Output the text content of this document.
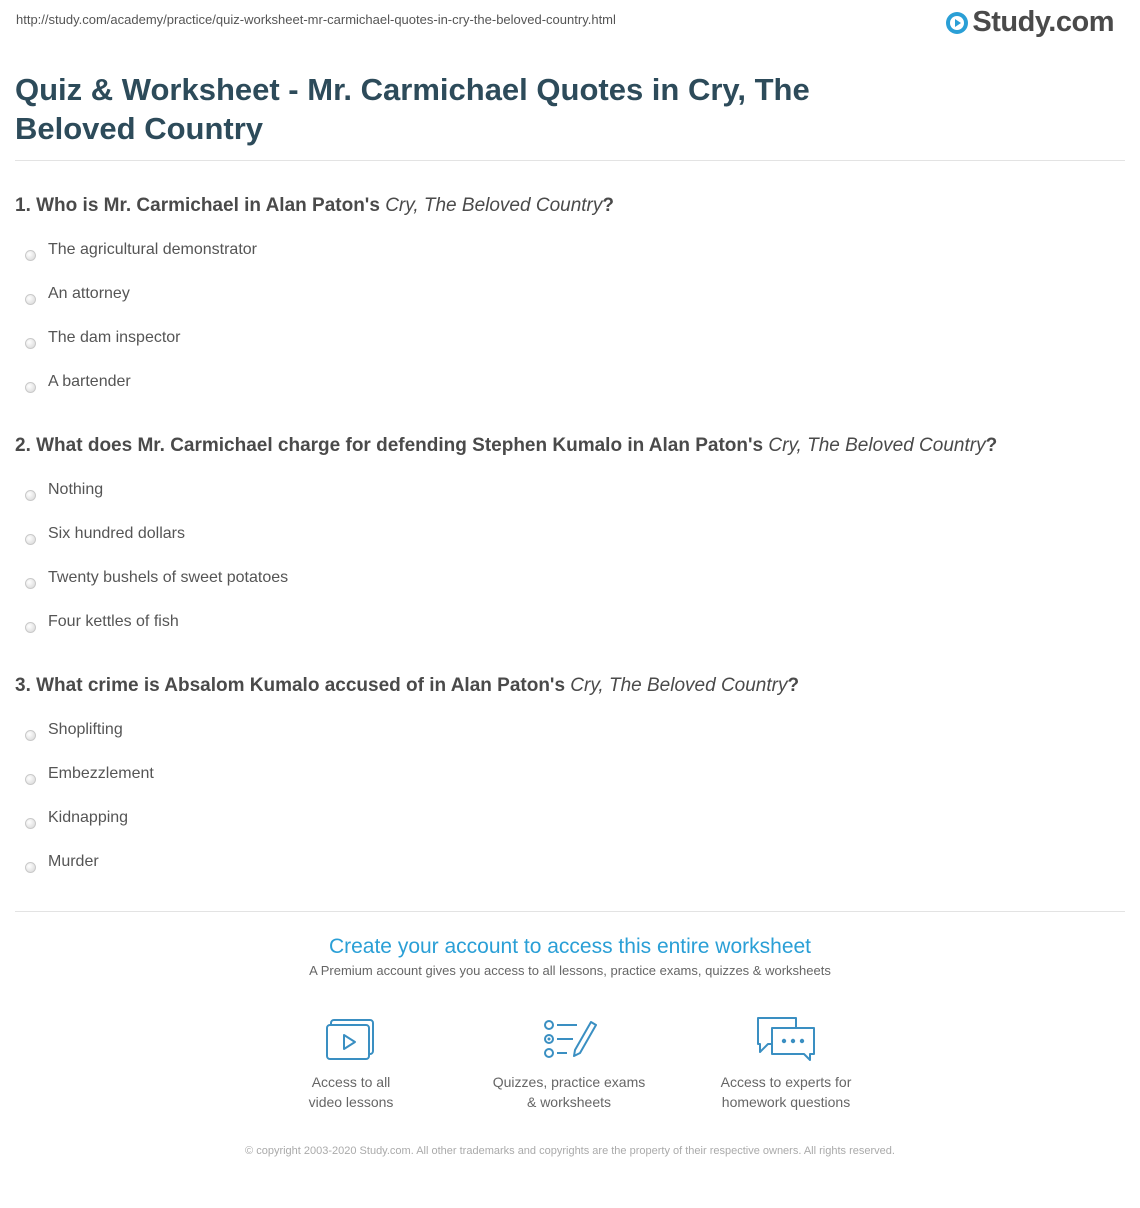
http://study.com/academy/practice/quiz-worksheet-mr-carmichael-quotes-in-cry-the-beloved-country.html	Study.com
Quiz & Worksheet - Mr. Carmichael Quotes in Cry, The Beloved Country

1. Who is Mr. Carmichael in Alan Paton's Cry, The Beloved Country?

The agricultural demonstrator
An attorney
The dam inspector
A bartender

2. What does Mr. Carmichael charge for defending Stephen Kumalo in Alan Paton's Cry, The Beloved Country?

Nothing
Six hundred dollars
Twenty bushels of sweet potatoes
Four kettles of fish

3. What crime is Absalom Kumalo accused of in Alan Paton's Cry, The Beloved Country?

Shoplifting
Embezzlement
Kidnapping
Murder

Create your account to access this entire worksheet

A Premium account gives you access to all lessons, practice exams, quizzes & worksheets
Access to all
video lessons
Quizzes, practice exams
& worksheets
Access to experts for
homework questions
© copyright 2003-2020 Study.com. All other trademarks and copyrights are the property of their respective owners. All rights reserved.
